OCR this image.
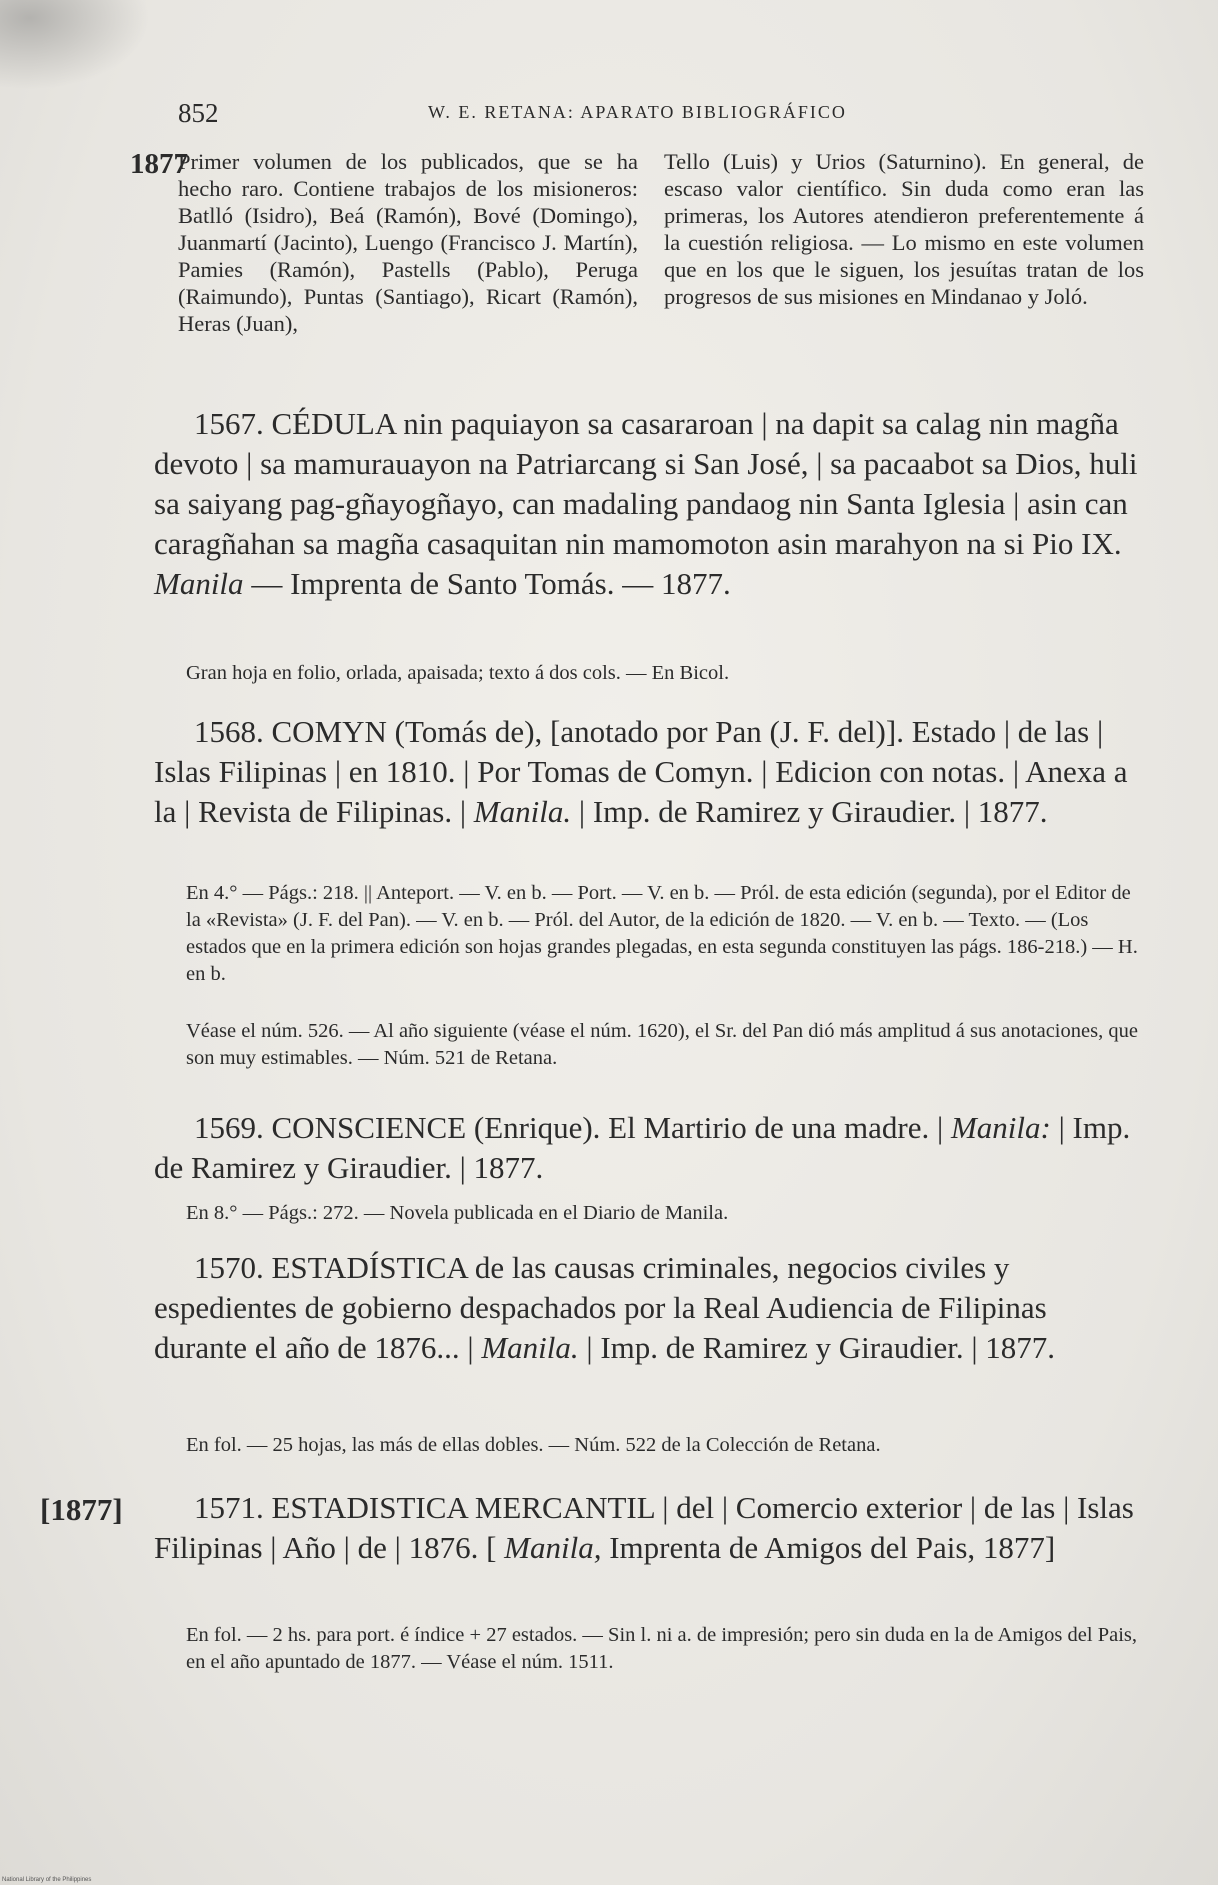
852	W. E. RETANA: APARATO BIBLIOGRÁFICO
1877
Primer volumen de los publicados, que se ha hecho raro. Contiene trabajos de los misioneros: Batlló (Isidro), Beá (Ramón), Bové (Domingo), Juanmartí (Jacinto), Luengo (Francisco J. Martín), Pamies (Ramón), Pastells (Pablo), Peruga (Raimundo), Puntas (Santiago), Ricart (Ramón), Heras (Juan),
Tello (Luis) y Urios (Saturnino). En general, de escaso valor científico. Sin duda como eran las primeras, los Autores atendieron preferentemente á la cuestión religiosa. — Lo mismo en este volumen que en los que le siguen, los jesuítas tratan de los progresos de sus misiones en Mindanao y Joló.
1567. CÉDULA nin paquiayon sa casararoan | na dapit sa calag nin magña devoto | sa mamurauayon na Patriarcang si San José, | sa pacaabot sa Dios, huli sa saiyang pag-gñayogñayo, can madaling pandaog nin Santa Iglesia | asin can caragñahan sa magña casaquitan nin mamomoton asin marahyon na si Pio IX. Manila — Imprenta de Santo Tomás. — 1877.
Gran hoja en folio, orlada, apaisada; texto á dos cols. — En Bicol.
1568. COMYN (Tomás de), [anotado por Pan (J. F. del)]. Estado | de las | Islas Filipinas | en 1810. | Por Tomas de Comyn. | Edicion con notas. | Anexa a la | Revista de Filipinas. | Manila. | Imp. de Ramirez y Giraudier. | 1877.
En 4.° — Págs.: 218. || Anteport. — V. en b. — Port. — V. en b. — Pról. de esta edición (segunda), por el Editor de la «Revista» (J. F. del Pan). — V. en b. — Pról. del Autor, de la edición de 1820. — V. en b. — Texto. — (Los estados que en la primera edición son hojas grandes plegadas, en esta segunda constituyen las págs. 186-218.) — H. en b.
Véase el núm. 526. — Al año siguiente (véase el núm. 1620), el Sr. del Pan dió más amplitud á sus anotaciones, que son muy estimables. — Núm. 521 de Retana.
1569. CONSCIENCE (Enrique). El Martirio de una madre. | Manila: | Imp. de Ramirez y Giraudier. | 1877.
En 8.° — Págs.: 272. — Novela publicada en el Diario de Manila.
1570. ESTADÍSTICA de las causas criminales, negocios civiles y espedientes de gobierno despachados por la Real Audiencia de Filipinas durante el año de 1876... | Manila. | Imp. de Ramirez y Giraudier. | 1877.
En fol. — 25 hojas, las más de ellas dobles. — Núm. 522 de la Colección de Retana.
[1877]	1571. ESTADISTICA MERCANTIL | del | Comercio exterior | de las | Islas Filipinas | Año | de | 1876. [ Manila, Imprenta de Amigos del Pais, 1877]
En fol. — 2 hs. para port. é índice + 27 estados. — Sin l. ni a. de impresión; pero sin duda en la de Amigos del Pais, en el año apuntado de 1877. — Véase el núm. 1511.
National Library of the Philippines
